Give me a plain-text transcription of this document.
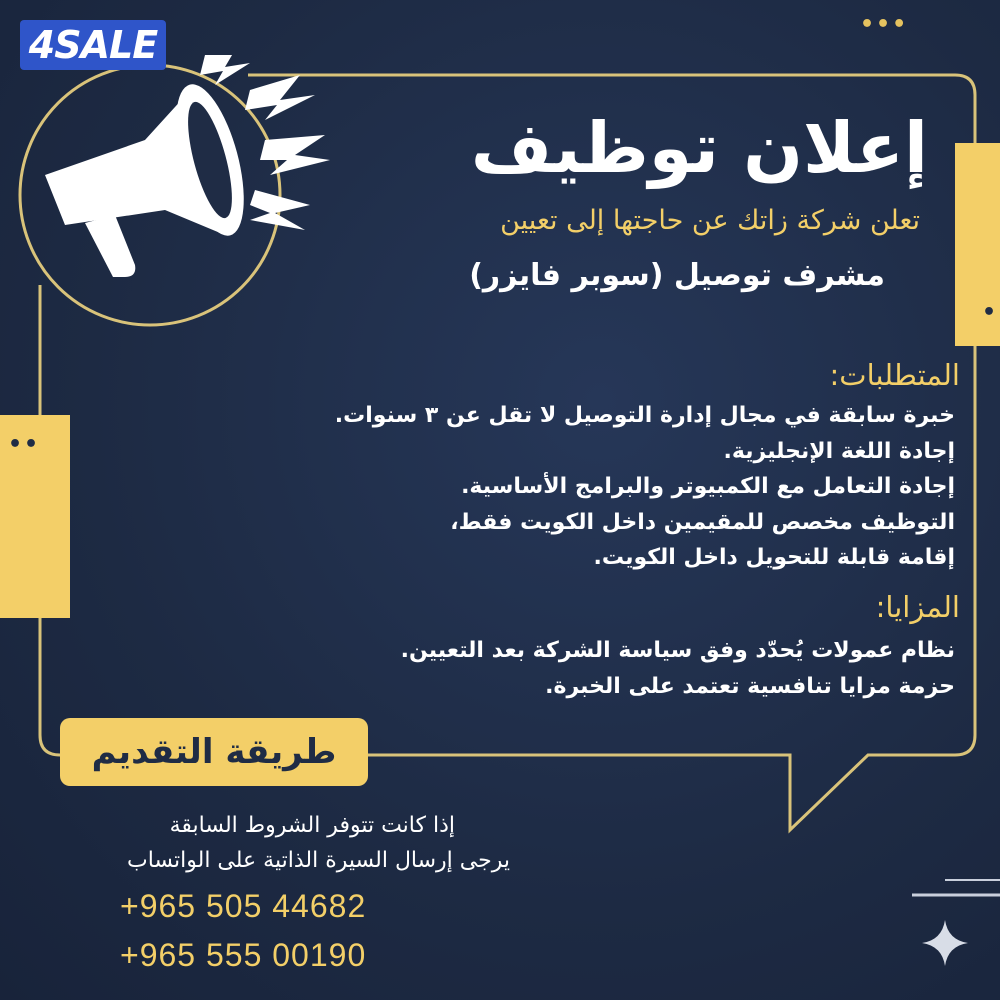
4SALE	•••
•
••
إعلان توظيف
تعلن شركة زاتك عن حاجتها إلى تعيين
مشرف توصيل (سوبر فايزر)
المتطلبات:
خبرة سابقة في مجال إدارة التوصيل لا تقل عن ٣ سنوات.
إجادة اللغة الإنجليزية.
إجادة التعامل مع الكمبيوتر والبرامج الأساسية.
التوظيف مخصص للمقيمين داخل الكويت فقط،
إقامة قابلة للتحويل داخل الكويت.
المزايا:
نظام عمولات يُحدّد وفق سياسة الشركة بعد التعيين.
حزمة مزايا تنافسية تعتمد على الخبرة.
طريقة التقديم
إذا كانت تتوفر الشروط السابقة
يرجى إرسال السيرة الذاتية على الواتساب
+965 505 44682
+965 555 00190
